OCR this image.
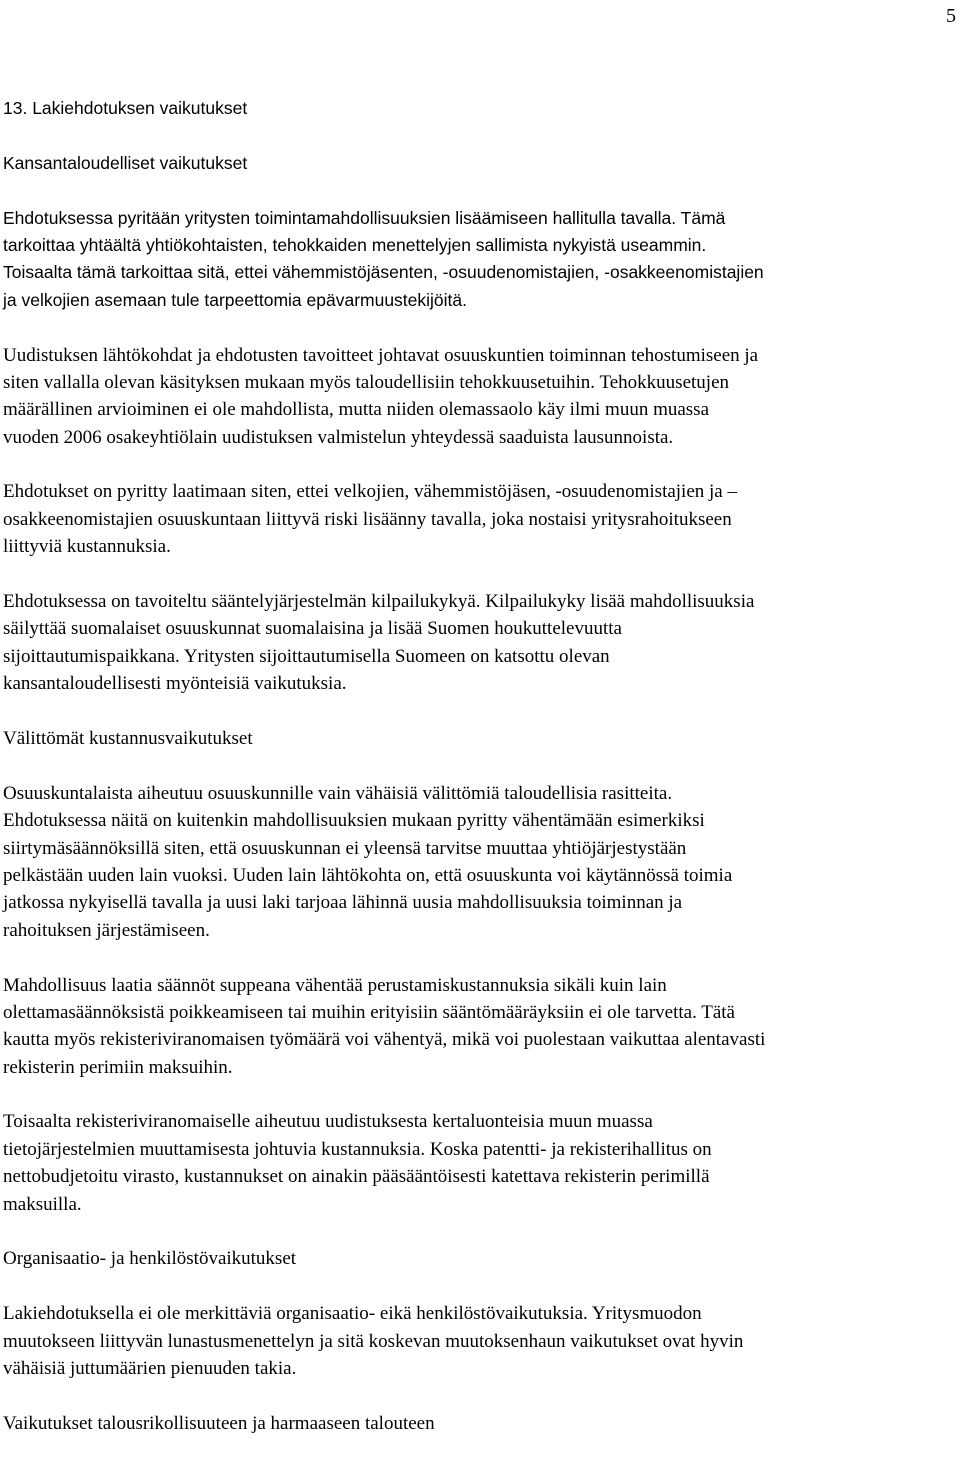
5
13. Lakiehdotuksen vaikutukset
Kansantaloudelliset vaikutukset
Ehdotuksessa pyritään yritysten toimintamahdollisuuksien lisäämiseen hallitulla tavalla. Tämä
tarkoittaa yhtäältä yhtiökohtaisten, tehokkaiden menettelyjen sallimista nykyistä useammin.
Toisaalta tämä tarkoittaa sitä, ettei vähemmistöjäsenten, -osuudenomistajien, -osakkeenomistajien
ja velkojien asemaan tule tarpeettomia epävarmuustekijöitä.
Uudistuksen lähtökohdat ja ehdotusten tavoitteet johtavat osuuskuntien toiminnan tehostumiseen ja
siten vallalla olevan käsityksen mukaan myös taloudellisiin tehokkuusetuihin. Tehokkuusetujen
määrällinen arvioiminen ei ole mahdollista, mutta niiden olemassaolo käy ilmi muun muassa
vuoden 2006 osakeyhtiölain uudistuksen valmistelun yhteydessä saaduista lausunnoista.
Ehdotukset on pyritty laatimaan siten, ettei velkojien, vähemmistöjäsen, -osuudenomistajien ja –
osakkeenomistajien osuuskuntaan liittyvä riski lisäänny tavalla, joka nostaisi yritysrahoitukseen
liittyviä kustannuksia.
Ehdotuksessa on tavoiteltu sääntelyjärjestelmän kilpailukykyä. Kilpailukyky lisää mahdollisuuksia
säilyttää suomalaiset osuuskunnat suomalaisina ja lisää Suomen houkuttelevuutta
sijoittautumispaikkana. Yritysten sijoittautumisella Suomeen on katsottu olevan
kansantaloudellisesti myönteisiä vaikutuksia.
Välittömät kustannusvaikutukset
Osuuskuntalaista aiheutuu osuuskunnille vain vähäisiä välittömiä taloudellisia rasitteita.
Ehdotuksessa näitä on kuitenkin mahdollisuuksien mukaan pyritty vähentämään esimerkiksi
siirtymäsäännöksillä siten, että osuuskunnan ei yleensä tarvitse muuttaa yhtiöjärjestystään
pelkästään uuden lain vuoksi. Uuden lain lähtökohta on, että osuuskunta voi käytännössä toimia
jatkossa nykyisellä tavalla ja uusi laki tarjoaa lähinnä uusia mahdollisuuksia toiminnan ja
rahoituksen järjestämiseen.
Mahdollisuus laatia säännöt suppeana vähentää perustamiskustannuksia sikäli kuin lain
olettamasäännöksistä poikkeamiseen tai muihin erityisiin sääntömääräyksiin ei ole tarvetta. Tätä
kautta myös rekisteriviranomaisen työmäärä voi vähentyä, mikä voi puolestaan vaikuttaa alentavasti
rekisterin perimiin maksuihin.
Toisaalta rekisteriviranomaiselle aiheutuu uudistuksesta kertaluonteisia muun muassa
tietojärjestelmien muuttamisesta johtuvia kustannuksia. Koska patentti- ja rekisterihallitus on
nettobudjetoitu virasto, kustannukset on ainakin pääsääntöisesti katettava rekisterin perimillä
maksuilla.
Organisaatio- ja henkilöstövaikutukset
Lakiehdotuksella ei ole merkittäviä organisaatio- eikä henkilöstövaikutuksia. Yritysmuodon
muutokseen liittyvän lunastusmenettelyn ja sitä koskevan muutoksenhaun vaikutukset ovat hyvin
vähäisiä juttumäärien pienuuden takia.
Vaikutukset talousrikollisuuteen ja harmaaseen talouteen
